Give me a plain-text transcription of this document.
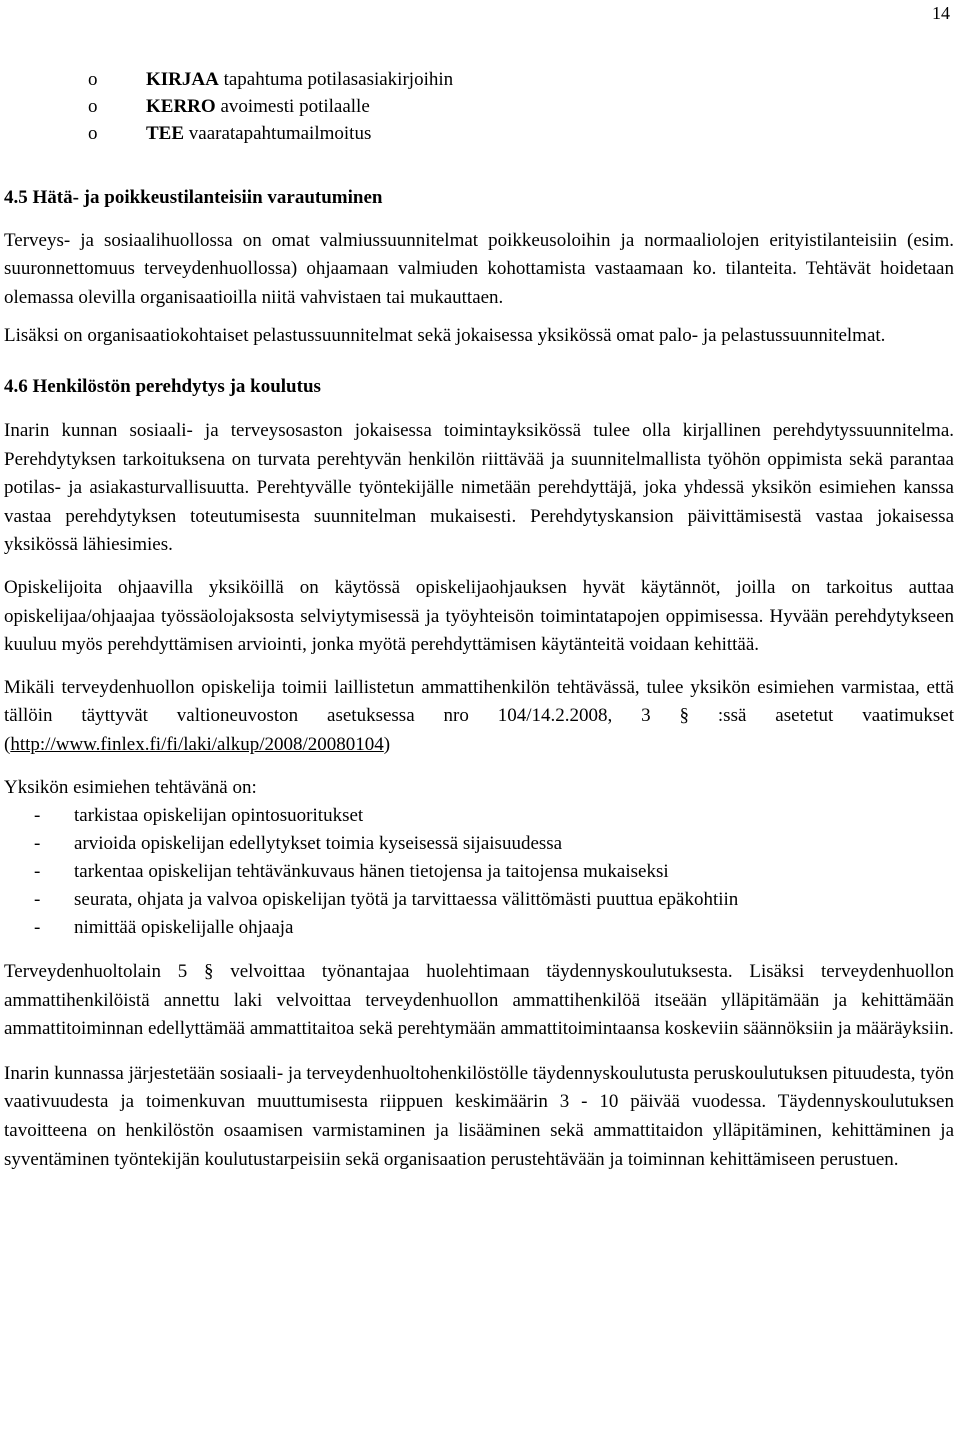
14
o	KIRJAA tapahtuma potilasasiakirjoihin
o	KERRO avoimesti potilaalle
o	TEE vaaratapahtumailmoitus
4.5 Hätä- ja poikkeustilanteisiin varautuminen

Terveys- ja sosiaalihuollossa on omat valmiussuunnitelmat poikkeusoloihin ja normaaliolojen erityistilanteisiin (esim. suuronnettomuus terveydenhuollossa) ohjaamaan valmiuden kohottamista vastaamaan ko. tilanteita. Tehtävät hoidetaan olemassa olevilla organisaatioilla niitä vahvistaen tai mukauttaen.

Lisäksi on organisaatiokohtaiset pelastussuunnitelmat sekä jokaisessa yksikössä omat palo- ja pelastussuunnitelmat.

4.6 Henkilöstön perehdytys ja koulutus

Inarin kunnan sosiaali- ja terveysosaston jokaisessa toimintayksikössä tulee olla kirjallinen perehdytyssuunnitelma. Perehdytyksen tarkoituksena on turvata perehtyvän henkilön riittävää ja suunnitelmallista työhön oppimista sekä parantaa potilas- ja asiakasturvallisuutta. Perehtyvälle työntekijälle nimetään perehdyttäjä, joka yhdessä yksikön esimiehen kanssa vastaa perehdytyksen toteutumisesta suunnitelman mukaisesti. Perehdytyskansion päivittämisestä vastaa jokaisessa yksikössä lähiesimies.

Opiskelijoita ohjaavilla yksiköillä on käytössä opiskelijaohjauksen hyvät käytännöt, joilla on tarkoitus auttaa opiskelijaa/ohjaajaa työssäolojaksosta selviytymisessä ja työyhteisön toimintatapojen oppimisessa. Hyvään perehdytykseen kuuluu myös perehdyttämisen arviointi, jonka myötä perehdyttämisen käytänteitä voidaan kehittää.

Mikäli terveydenhuollon opiskelija toimii laillistetun ammattihenkilön tehtävässä, tulee yksikön esimiehen varmistaa, että tällöin täyttyvät valtioneuvoston asetuksessa nro 104/14.2.2008, 3 § :ssä asetetut vaatimukset (http://www.finlex.fi/fi/laki/alkup/2008/20080104)

Yksikön esimiehen tehtävänä on:

- tarkistaa opiskelijan opintosuoritukset
- arvioida opiskelijan edellytykset toimia kyseisessä sijaisuudessa
- tarkentaa opiskelijan tehtävänkuvaus hänen tietojensa ja taitojensa mukaiseksi
- seurata, ohjata ja valvoa opiskelijan työtä ja tarvittaessa välittömästi puuttua epäkohtiin
- nimittää opiskelijalle ohjaaja

Terveydenhuoltolain 5 § velvoittaa työnantajaa huolehtimaan täydennyskoulutuksesta. Lisäksi terveydenhuollon ammattihenkilöistä annettu laki velvoittaa terveydenhuollon ammattihenkilöä itseään ylläpitämään ja kehittämään ammattitoiminnan edellyttämää ammattitaitoa sekä perehtymään ammattitoimintaansa koskeviin säännöksiin ja määräyksiin.

Inarin kunnassa järjestetään sosiaali- ja terveydenhuoltohenkilöstölle täydennyskoulutusta peruskoulutuksen pituudesta, työn vaativuudesta ja toimenkuvan muuttumisesta riippuen keskimäärin 3 - 10 päivää vuodessa. Täydennyskoulutuksen tavoitteena on henkilöstön osaamisen varmistaminen ja lisääminen sekä ammattitaidon ylläpitäminen, kehittäminen ja syventäminen työntekijän koulutustarpeisiin sekä organisaation perustehtävään ja toiminnan kehittämiseen perustuen.
